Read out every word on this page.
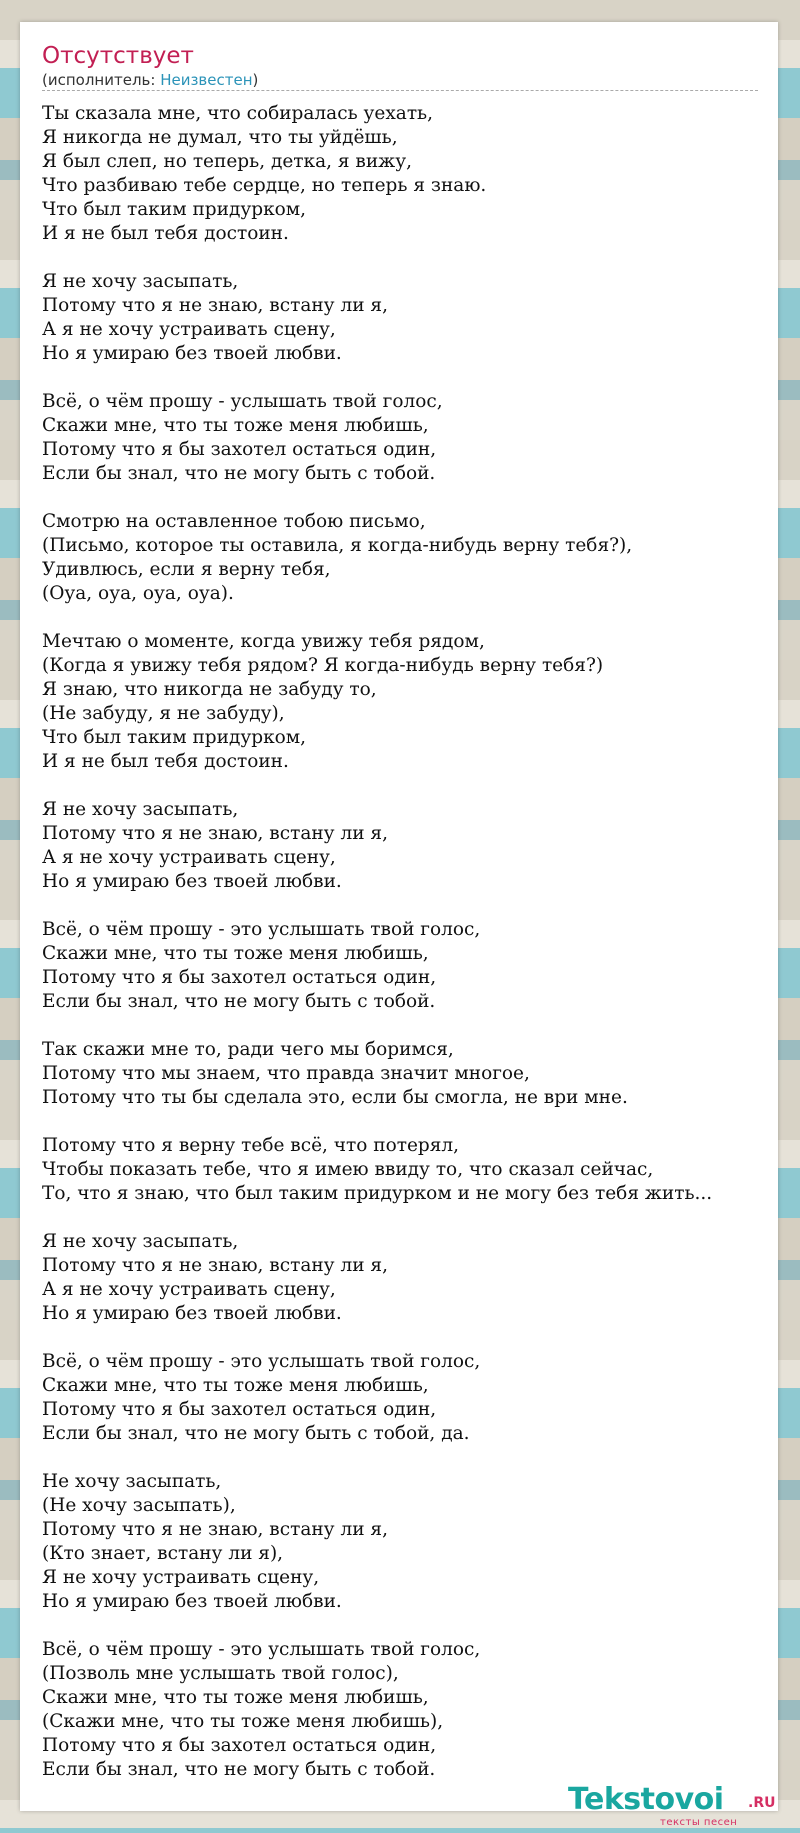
Отсутствует
(исполнитель: Неизвестен)
Ты сказала мне, что собиралась уехать,
Я никогда не думал, что ты уйдёшь,
Я был слеп, но теперь, детка, я вижу,
Что разбиваю тебе сердце, но теперь я знаю.
Что был таким придурком,
И я не был тебя достоин.
Я не хочу засыпать,
Потому что я не знаю, встану ли я,
А я не хочу устраивать сцену,
Но я умираю без твоей любви.
Всё, о чём прошу - услышать твой голос,
Скажи мне, что ты тоже меня любишь,
Потому что я бы захотел остаться один,
Если бы знал, что не могу быть с тобой.
Смотрю на оставленное тобою письмо,
(Письмо, которое ты оставила, я когда-нибудь верну тебя?),
Удивлюсь, если я верну тебя,
(Оуа, оуа, оуа, оуа).
Мечтаю о моменте, когда увижу тебя рядом,
(Когда я увижу тебя рядом? Я когда-нибудь верну тебя?)
Я знаю, что никогда не забуду то,
(Не забуду, я не забуду),
Что был таким придурком,
И я не был тебя достоин.
Я не хочу засыпать,
Потому что я не знаю, встану ли я,
А я не хочу устраивать сцену,
Но я умираю без твоей любви.
Всё, о чём прошу - это услышать твой голос,
Скажи мне, что ты тоже меня любишь,
Потому что я бы захотел остаться один,
Если бы знал, что не могу быть с тобой.
Так скажи мне то, ради чего мы боримся,
Потому что мы знаем, что правда значит многое,
Потому что ты бы сделала это, если бы смогла, не ври мне.
Потому что я верну тебе всё, что потерял,
Чтобы показать тебе, что я имею ввиду то, что сказал сейчас,
То, что я знаю, что был таким придурком и не могу без тебя жить...
Я не хочу засыпать,
Потому что я не знаю, встану ли я,
А я не хочу устраивать сцену,
Но я умираю без твоей любви.
Всё, о чём прошу - это услышать твой голос,
Скажи мне, что ты тоже меня любишь,
Потому что я бы захотел остаться один,
Если бы знал, что не могу быть с тобой, да.
Не хочу засыпать,
(Не хочу засыпать),
Потому что я не знаю, встану ли я,
(Кто знает, встану ли я),
Я не хочу устраивать сцену,
Но я умираю без твоей любви.
Всё, о чём прошу - это услышать твой голос,
(Позволь мне услышать твой голос),
Скажи мне, что ты тоже меня любишь,
(Скажи мне, что ты тоже меня любишь),
Потому что я бы захотел остаться один,
Если бы знал, что не могу быть с тобой.
Tekstovoi .RU
тексты песен
